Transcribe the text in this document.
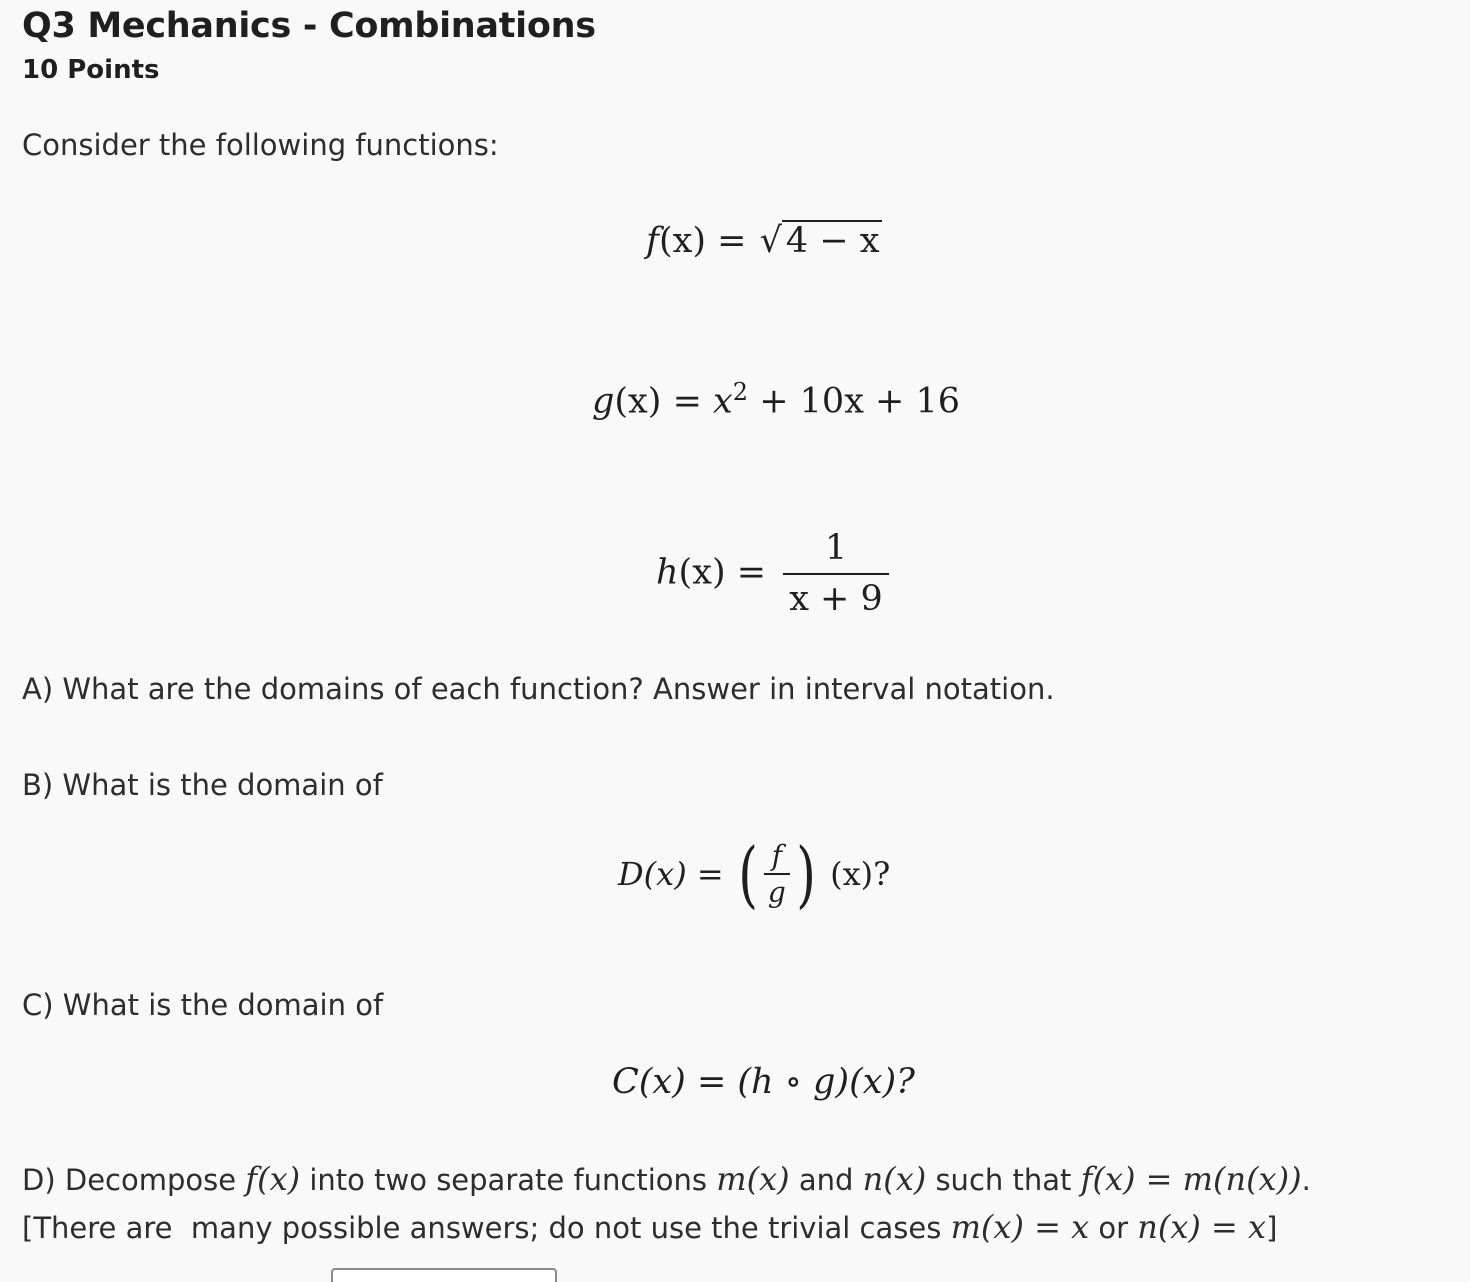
Q3 Mechanics - Combinations
10 Points
Consider the following functions:
f(x) = √ 4 − x
$g(x) = x^2 + 10x + 16$
$h(x) = \frac{1}{x + 9}$
A) What are the domains of each function? Answer in interval notation.
B) What is the domain of
D(x) = ( $\frac{f}{g}$ ) (x)?
C) What is the domain of
C(x) = (h ∘ g)(x)?
D) Decompose f(x) into two separate functions m(x) and n(x) such that f(x) = m(n(x)).
[There are  many possible answers; do not use the trivial cases m(x) = x or n(x) = x]
